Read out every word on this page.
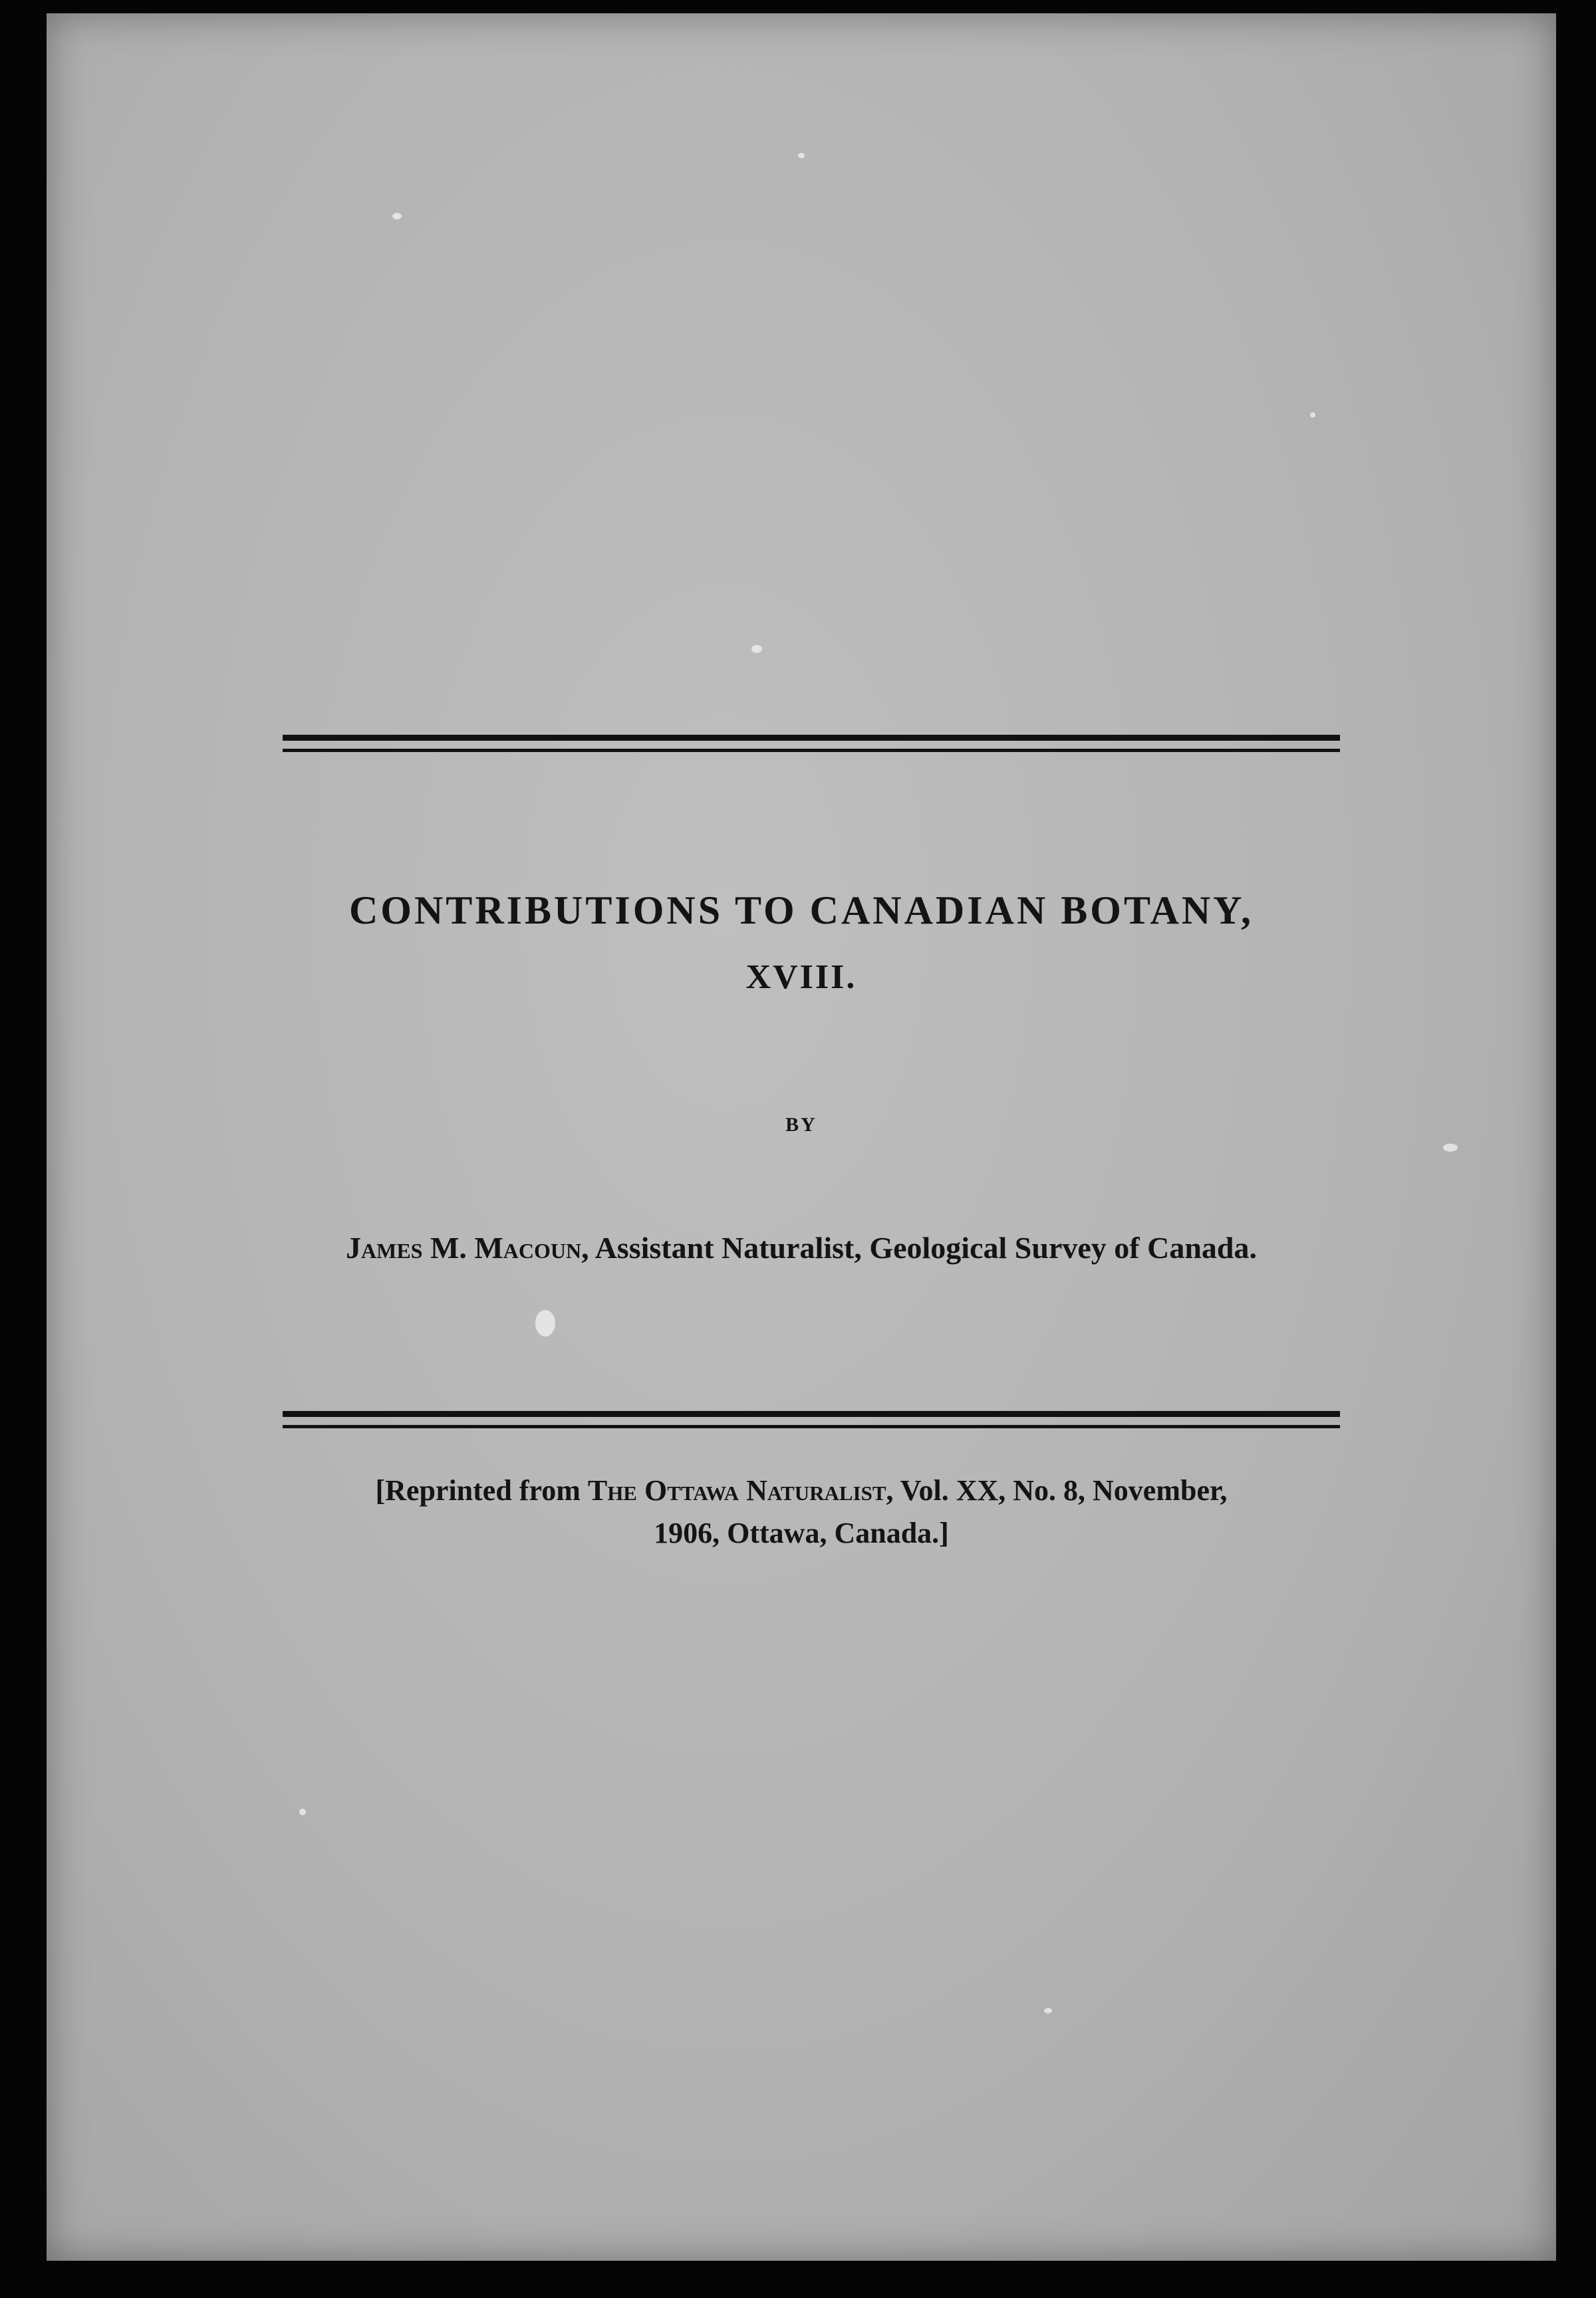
CONTRIBUTIONS TO CANADIAN BOTANY,

XVIII.

BY

James M. Macoun, Assistant Naturalist, Geological Survey of Canada.

[Reprinted from The Ottawa Naturalist, Vol. XX, No. 8, November,
1906, Ottawa, Canada.]
